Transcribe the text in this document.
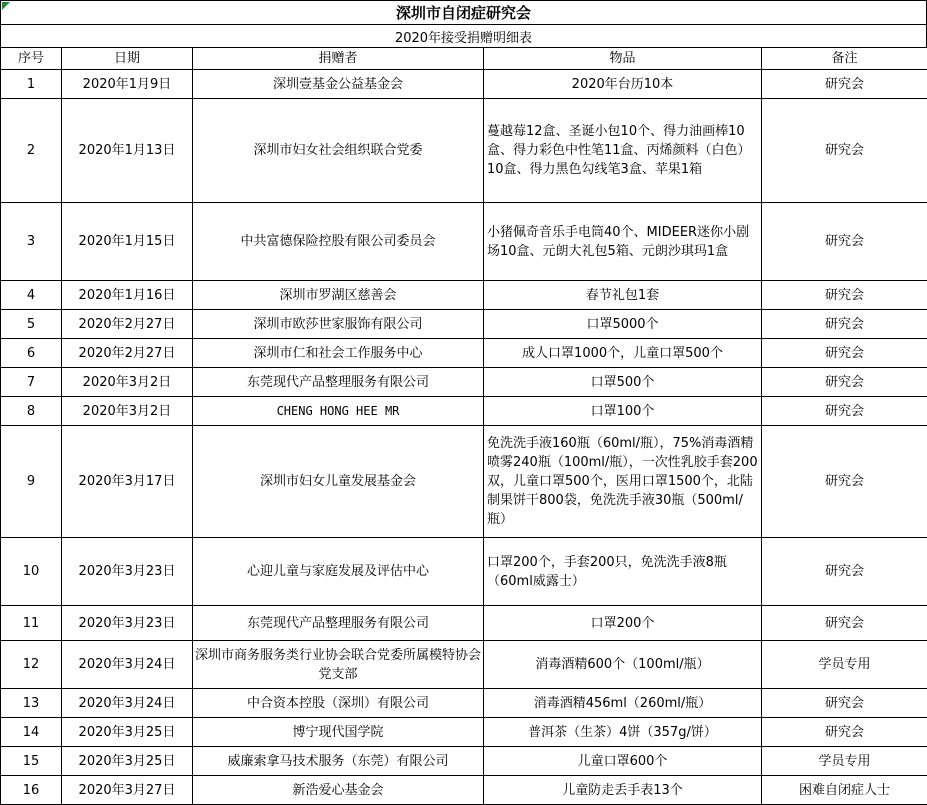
深圳市自闭症研究会
2020年接受捐赠明细表
序号	日期	捐赠者	物品	备注
1	2020年1月9日	深圳壹基金公益基金会	2020年台历10本	研究会
2	2020年1月13日	深圳市妇女社会组织联合党委	蔓越莓12盒、圣诞小包10个、得力油画棒10盒、得力彩色中性笔11盒、丙烯颜料（白色）10盒、得力黑色勾线笔3盒、苹果1箱	研究会
3	2020年1月15日	中共富德保险控股有限公司委员会	小猪佩奇音乐手电筒40个、MIDEER迷你小剧场10盒、元朗大礼包5箱、元朗沙琪玛1盒	研究会
4	2020年1月16日	深圳市罗湖区慈善会	春节礼包1套	研究会
5	2020年2月27日	深圳市欧莎世家服饰有限公司	口罩5000个	研究会
6	2020年2月27日	深圳市仁和社会工作服务中心	成人口罩1000个，儿童口罩500个	研究会
7	2020年3月2日	东莞现代产品整理服务有限公司	口罩500个	研究会
8	2020年3月2日	CHENG HONG HEE MR	口罩100个	研究会
9	2020年3月17日	深圳市妇女儿童发展基金会	免洗洗手液160瓶（60ml/瓶），75%消毒酒精喷雾240瓶（100ml/瓶），一次性乳胶手套200双，儿童口罩500个，医用口罩1500个，北陆制果饼干800袋，免洗洗手液30瓶（500ml/瓶）	研究会
10	2020年3月23日	心迎儿童与家庭发展及评估中心	口罩200个，手套200只，免洗洗手液8瓶（60ml威露士）	研究会
11	2020年3月23日	东莞现代产品整理服务有限公司	口罩200个	研究会
12	2020年3月24日	深圳市商务服务类行业协会联合党委所属模特协会党支部	消毒酒精600个（100ml/瓶）	学员专用
13	2020年3月24日	中合资本控股（深圳）有限公司	消毒酒精456ml（260ml/瓶）	研究会
14	2020年3月25日	博宁现代国学院	普洱茶（生茶）4饼（357g/饼）	研究会
15	2020年3月25日	威廉索拿马技术服务（东莞）有限公司	儿童口罩600个	学员专用
16	2020年3月27日	新浩爱心基金会	儿童防走丢手表13个	困难自闭症人士
